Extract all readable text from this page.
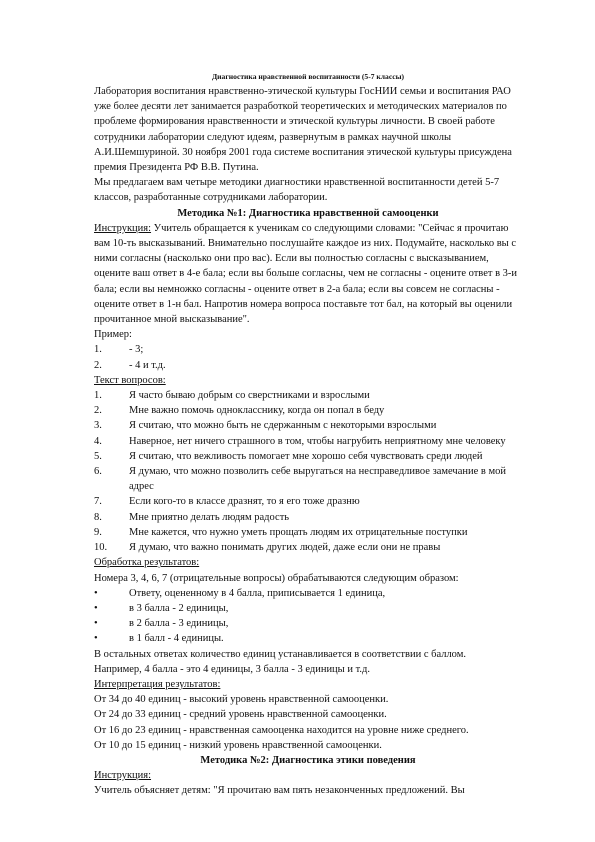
Диагностика нравственной воспитанности (5-7 классы)

Лаборатория воспитания нравственно-этической культуры ГосНИИ семьи и воспитания РАО уже более десяти лет занимается разработкой теоретических и методических материалов по проблеме формирования нравственности и этической культуры личности. В своей работе сотрудники лаборатории следуют идеям, развернутым в рамках научной школы А.И.Шемшуриной. 30 ноября 2001 года системе воспитания этической культуры присуждена премия Президента РФ В.В. Путина.

Мы предлагаем вам четыре методики диагностики нравственной воспитанности детей 5-7 классов, разработанные сотрудниками лаборатории.

Методика №1: Диагностика нравственной самооценки

Инструкция: Учитель обращается к ученикам со следующими словами: "Сейчас я прочитаю вам 10-ть высказываний. Внимательно послушайте каждое из них. Подумайте, насколько вы с ними согласны (насколько они про вас). Если вы полностью согласны с высказыванием, оцените ваш ответ в 4-е бала; если вы больше согласны, чем не согласны - оцените ответ в 3-и бала; если вы немножко согласны - оцените ответ в 2-а бала; если вы совсем не согласны - оцените ответ в 1-н бал. Напротив номера вопроса поставьте тот бал, на который вы оценили прочитанное мной высказывание".

Пример:

1.	- 3;
2.	- 4 и т.д.

Текст вопросов:

1.	Я часто бываю добрым со сверстниками и взрослыми
2.	Мне важно помочь однокласснику, когда он попал в беду
3.	Я считаю, что можно быть не сдержанным с некоторыми взрослыми
4.	Наверное, нет ничего страшного в том, чтобы нагрубить неприятному мне человеку
5.	Я считаю, что вежливость помогает мне хорошо себя чувствовать среди людей
6.	Я думаю, что можно позволить себе выругаться на несправедливое замечание в мой адрес
7.	Если кого-то в классе дразнят, то я его тоже дразню
8.	Мне приятно делать людям радость
9.	Мне кажется, что нужно уметь прощать людям их отрицательные поступки
10.	Я думаю, что важно понимать других людей, даже если они не правы

Обработка результатов:

Номера 3, 4, 6, 7 (отрицательные вопросы) обрабатываются следующим образом:

•	Ответу, оцененному в 4 балла, приписывается 1 единица,
•	в 3 балла - 2 единицы,
•	в 2 балла - 3 единицы,
•	в 1 балл - 4 единицы.

В остальных ответах количество единиц устанавливается в соответствии с баллом.

Например, 4 балла - это 4 единицы, 3 балла - 3 единицы и т.д.

Интерпретация результатов:

От 34 до 40 единиц - высокий уровень нравственной самооценки.

От 24 до 33 единиц - средний уровень нравственной самооценки.

От 16 до 23 единиц - нравственная самооценка находится на уровне ниже среднего.

От 10 до 15 единиц - низкий уровень нравственной самооценки.

Методика №2: Диагностика этики поведения

Инструкция:

Учитель объясняет детям: "Я прочитаю вам пять незаконченных предложений. Вы
